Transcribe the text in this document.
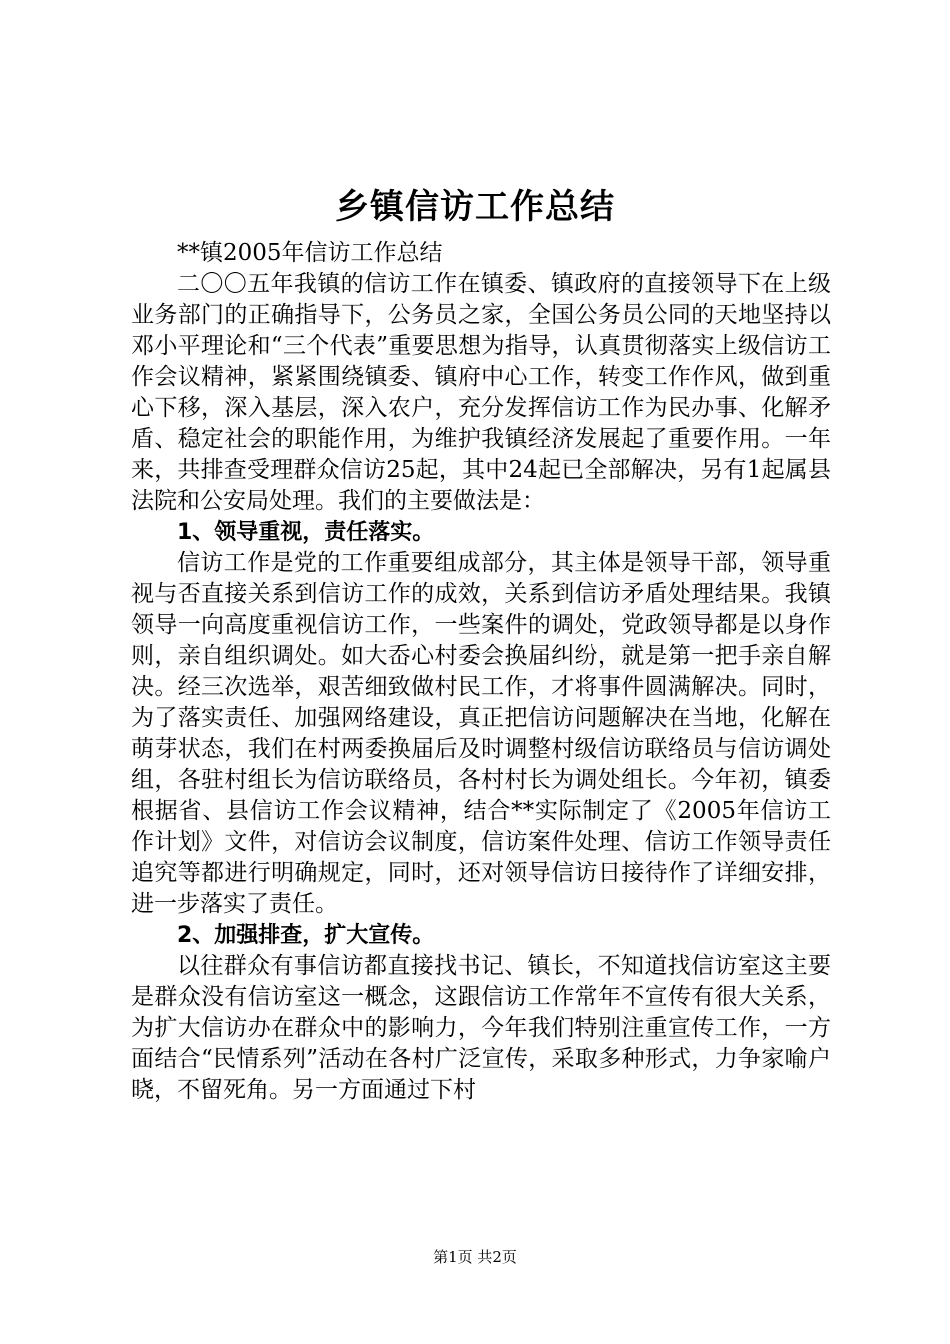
乡镇信访工作总结

**镇2005年信访工作总结

二〇〇五年我镇的信访工作在镇委、镇政府的直接领导下在上级业务部门的正确指导下，公务员之家，全国公务员公同的天地坚持以邓小平理论和“三个代表”重要思想为指导，认真贯彻落实上级信访工作会议精神，紧紧围绕镇委、镇府中心工作，转变工作作风，做到重心下移，深入基层，深入农户，充分发挥信访工作为民办事、化解矛盾、稳定社会的职能作用，为维护我镇经济发展起了重要作用。一年来，共排查受理群众信访25起，其中24起已全部解决，另有1起属县法院和公安局处理。我们的主要做法是：

1、领导重视，责任落实。

信访工作是党的工作重要组成部分，其主体是领导干部，领导重视与否直接关系到信访工作的成效，关系到信访矛盾处理结果。我镇领导一向高度重视信访工作，一些案件的调处，党政领导都是以身作则，亲自组织调处。如大岙心村委会换届纠纷，就是第一把手亲自解决。经三次选举，艰苦细致做村民工作，才将事件圆满解决。同时，为了落实责任、加强网络建设，真正把信访问题解决在当地，化解在萌芽状态，我们在村两委换届后及时调整村级信访联络员与信访调处组，各驻村组长为信访联络员，各村村长为调处组长。今年初，镇委根据省、县信访工作会议精神，结合**实际制定了《2005年信访工作计划》文件，对信访会议制度，信访案件处理、信访工作领导责任追究等都进行明确规定，同时，还对领导信访日接待作了详细安排，进一步落实了责任。

2、加强排查，扩大宣传。

以往群众有事信访都直接找书记、镇长，不知道找信访室这主要是群众没有信访室这一概念，这跟信访工作常年不宣传有很大关系，为扩大信访办在群众中的影响力，今年我们特别注重宣传工作，一方面结合“民情系列”活动在各村广泛宣传，采取多种形式，力争家喻户晓，不留死角。另一方面通过下村

第1页 共2页
